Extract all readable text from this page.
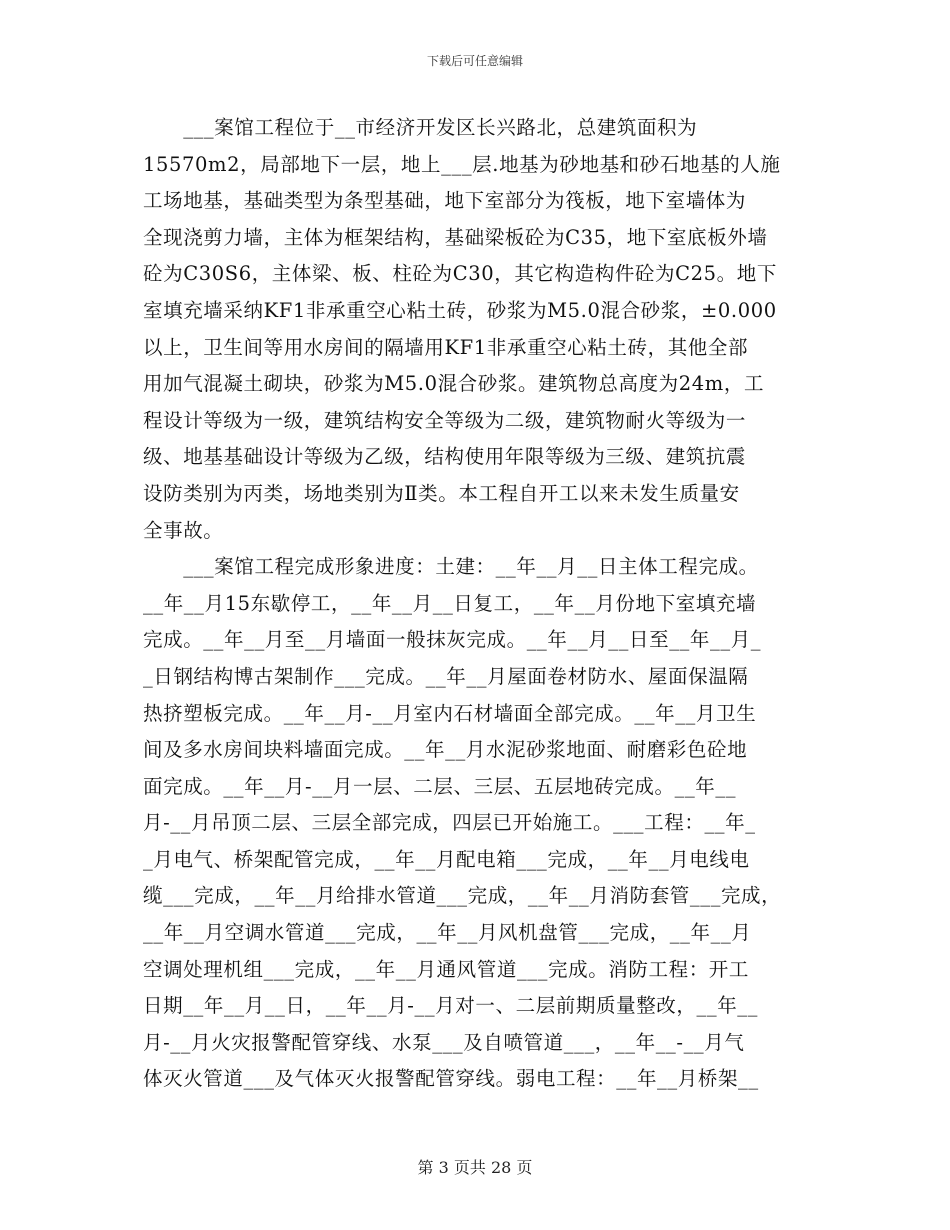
下载后可任意编辑
　　___案馆工程位于__市经济开发区长兴路北，总建筑面积为
15570m2，局部地下一层，地上___层.地基为砂地基和砂石地基的人施
工场地基，基础类型为条型基础，地下室部分为筏板，地下室墙体为
全现浇剪力墙，主体为框架结构，基础梁板砼为C35，地下室底板外墙
砼为C30S6，主体梁、板、柱砼为C30，其它构造构件砼为C25。地下
室填充墙采纳KF1非承重空心粘土砖，砂浆为M5.0混合砂浆，±0.000
以上，卫生间等用水房间的隔墙用KF1非承重空心粘土砖，其他全部
用加气混凝土砌块，砂浆为M5.0混合砂浆。建筑物总高度为24m，工
程设计等级为一级，建筑结构安全等级为二级，建筑物耐火等级为一
级、地基基础设计等级为乙级，结构使用年限等级为三级、建筑抗震
设防类别为丙类，场地类别为Ⅱ类。本工程自开工以来未发生质量安
全事故。
　　___案馆工程完成形象进度：土建：__年__月__日主体工程完成。
__年__月15东歇停工，__年__月__日复工，__年__月份地下室填充墙
完成。__年__月至__月墙面一般抹灰完成。__年__月__日至__年__月_
_日钢结构博古架制作___完成。__年__月屋面卷材防水、屋面保温隔
热挤塑板完成。__年__月-__月室内石材墙面全部完成。__年__月卫生
间及多水房间块料墙面完成。__年__月水泥砂浆地面、耐磨彩色砼地
面完成。__年__月-__月一层、二层、三层、五层地砖完成。__年__
月-__月吊顶二层、三层全部完成，四层已开始施工。___工程：__年_
_月电气、桥架配管完成，__年__月配电箱___完成，__年__月电线电
缆___完成，__年__月给排水管道___完成，__年__月消防套管___完成，
__年__月空调水管道___完成，__年__月风机盘管___完成，__年__月
空调处理机组___完成，__年__月通风管道___完成。消防工程：开工
日期__年__月__日，__年__月-__月对一、二层前期质量整改，__年__
月-__月火灾报警配管穿线、水泵___及自喷管道___，__年__-__月气
体灭火管道___及气体灭火报警配管穿线。弱电工程：__年__月桥架__
第 3 页共 28 页
